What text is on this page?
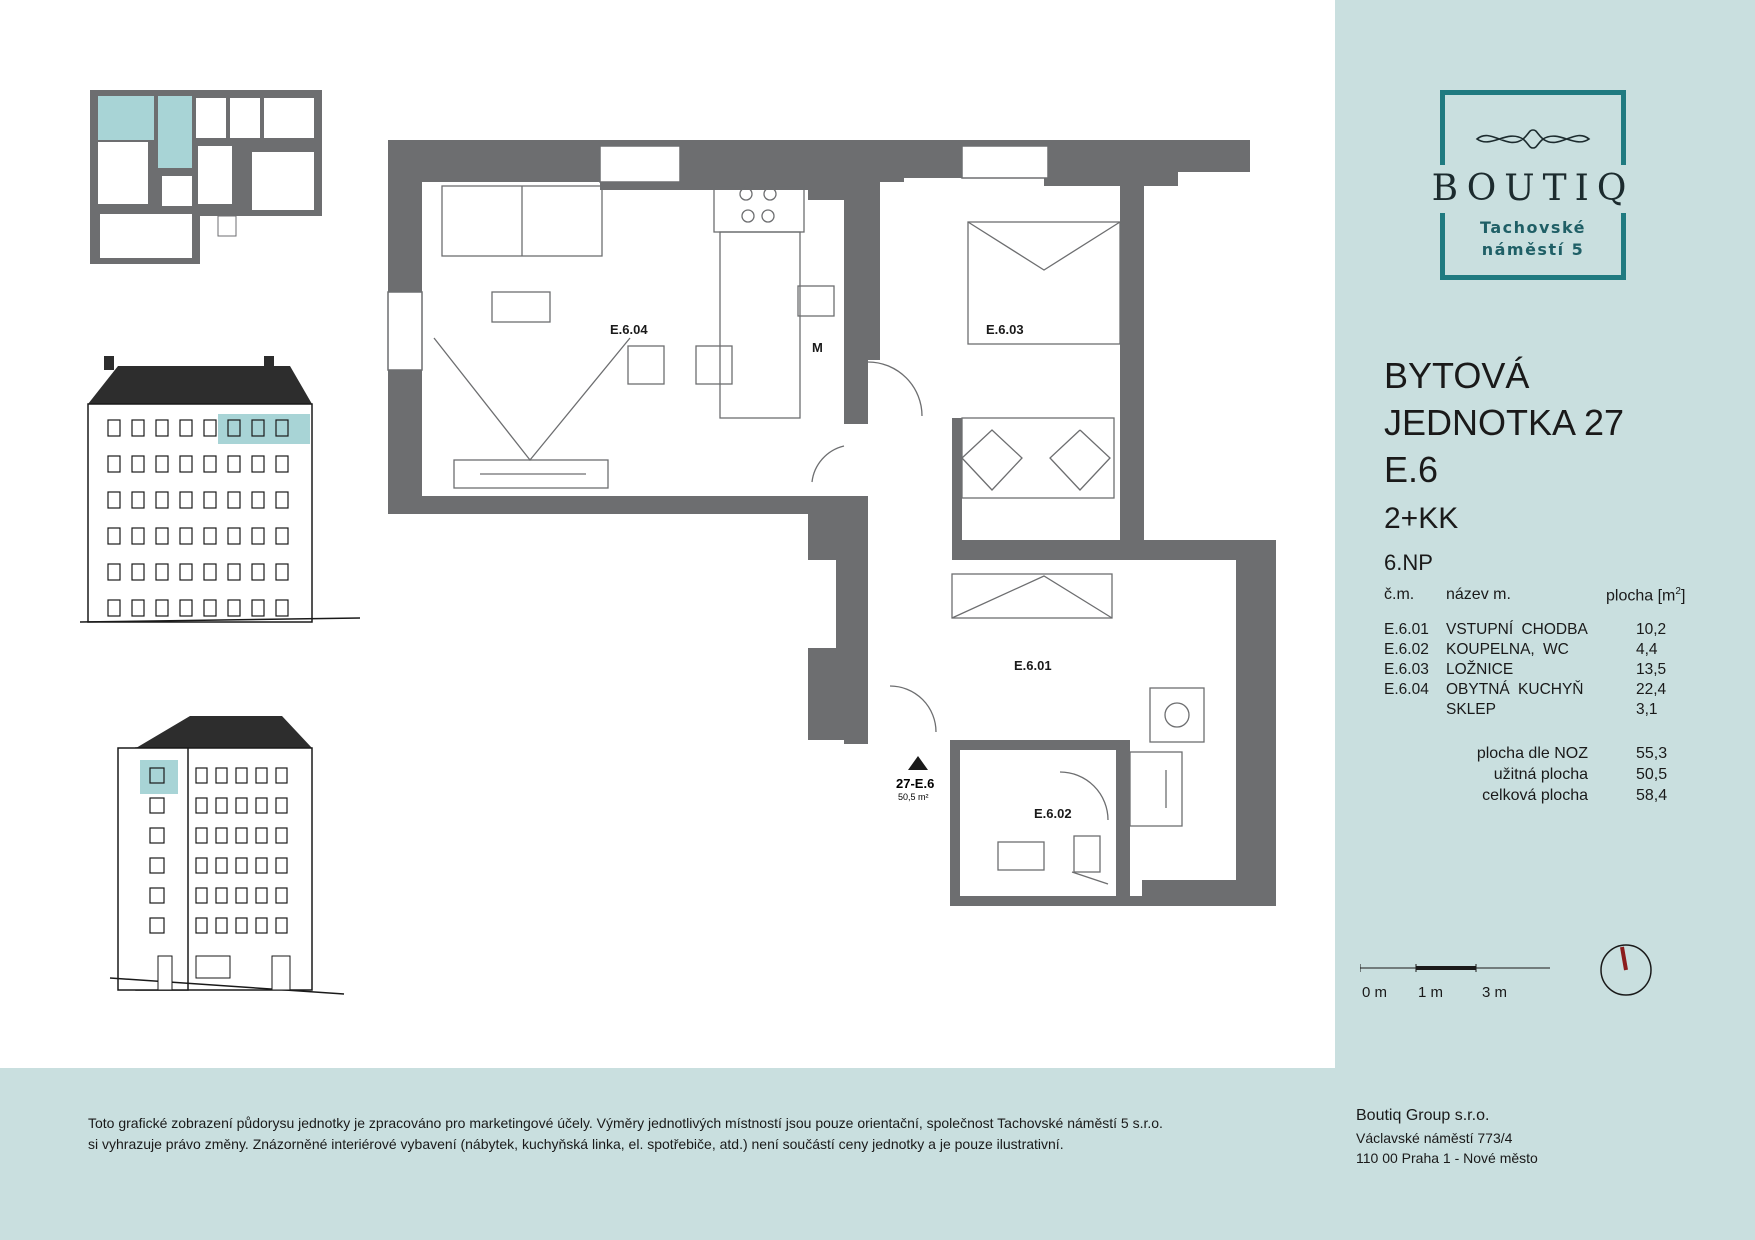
M
E.6.04	E.6.03
E.6.01
E.6.02
27-E.6
50,5 m²
BOUTIQ
Tachovské
náměstí 5
BYTOVÁ
JEDNOTKA 27
E.6
2+KK
6.NP
č.m. název m.	plocha $[m^2]$
E.6.01 VSTUPNÍ CHODBA	10,2
E.6.02 KOUPELNA, WC	4,4
E.6.03 LOŽNICE	13,5
E.6.04 OBYTNÁ KUCHYŇ	22,4
SKLEP	3,1
plocha dle NOZ	55,3
užitná plocha	50,5
celková plocha	58,4
0 m 1 m	3 m
Toto grafické zobrazení půdorysu jednotky je zpracováno pro marketingové účely. Výměry jednotlivých místností jsou pouze orientační, společnost Tachovské náměstí 5 s.r.o.
si vyhrazuje právo změny. Znázorněné interiérové vybavení (nábytek, kuchyňská linka, el. spotřebiče, atd.) není součástí ceny jednotky a je pouze ilustrativní.
Boutiq Group s.r.o.
Václavské náměstí 773/4
110 00 Praha 1 - Nové město
